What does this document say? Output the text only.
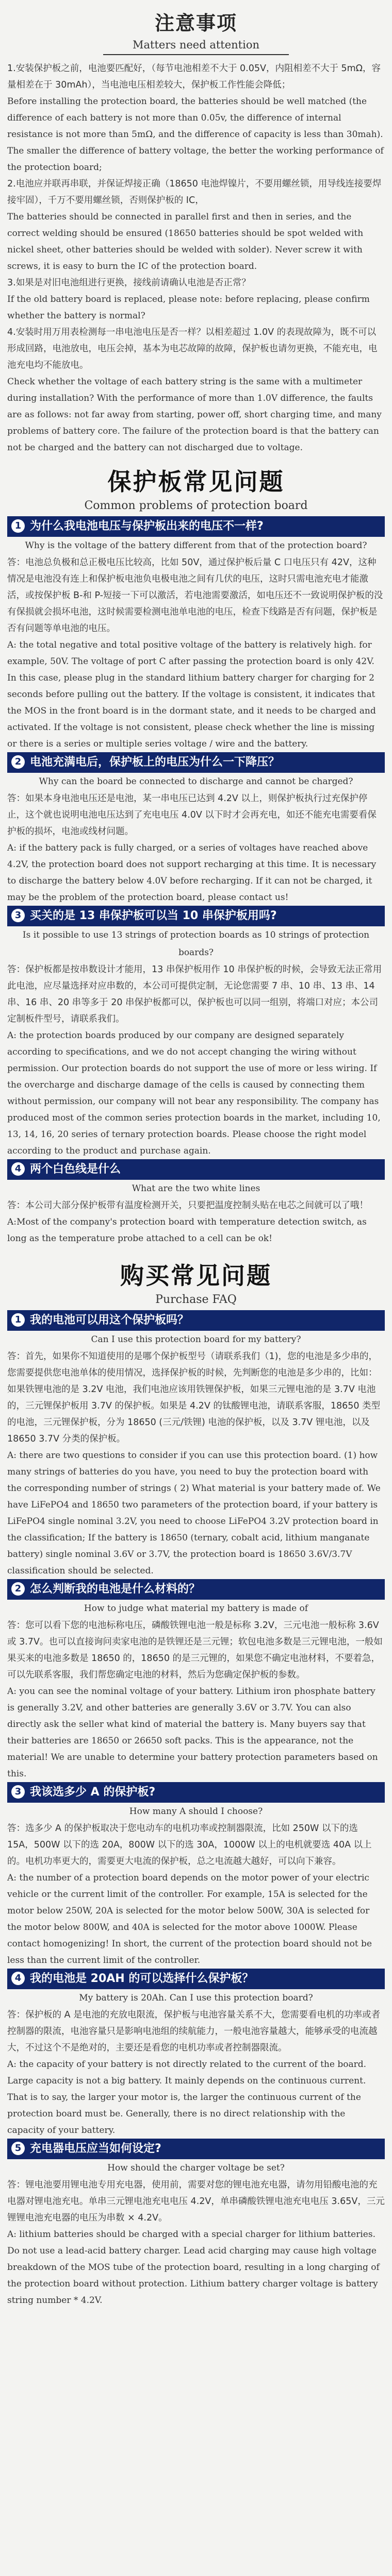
注意事项
Matters need attention

1.安装保护板之前，电池要匹配好，（每节电池相差不大于 0.05V，内阻相差不大于 5mΩ，容量相差在于 30mAh），当电池电压相差较大，保护板工作性能会降低；

Before installing the protection board, the batteries should be well matched (the difference of each battery is not more than 0.05v, the difference of internal resistance is not more than 5mΩ, and the difference of capacity is less than 30mah). The smaller the difference of battery voltage, the better the working performance of the protection board;

2.电池应并联再串联，并保证焊接正确（18650 电池焊镍片，不要用螺丝锁，用导线连接要焊接牢固），千万不要用螺丝锁，否则保护板的 IC，

The batteries should be connected in parallel first and then in series, and the correct welding should be ensured (18650 batteries should be spot welded with nickel sheet, other batteries should be welded with solder). Never screw it with screws, it is easy to burn the IC of the protection board.

3.如果是对旧电池组进行更换，接线前请确认电池是否正常？

If the old battery board is replaced, please note: before replacing, please confirm whether the battery is normal?

4.安装时用万用表检测每一串电池电压是否一样？以相差超过 1.0V 的表现故障为，既不可以形成回路，电池放电，电压会掉，基本为电芯故障的故障，保护板也请勿更换，不能充电，电池充电均不能放电。

Check whether the voltage of each battery string is the same with a multimeter during installation? With the performance of more than 1.0V difference, the faults are as follows: not far away from starting, power off, short charging time, and many problems of battery core. The failure of the protection board is that the battery can not be charged and the battery can not discharged due to voltage.

保护板常见问题
Common problems of protection board
1 为什么我电池电压与保护板出来的电压不一样?

Why is the voltage of the battery different from that of the protection board?

答：电池总负极和总正极电压比较高，比如 50V，通过保护板后量 C 口电压只有 42V，这种情况是电池没有连上和保护板电池负电极电池之间有几伏的电压，这时只需电池充电才能激活，或按保护板 B-和 P-短接一下可以激活，若电池需要激活，如电压还不一致说明保护板的没有保损就会损坏电池，这时候需要检测电池单电池的电压，检查下线路是否有问题，保护板是否有问题等单电池的电压。

A: the total negative and total positive voltage of the battery is relatively high. for example, 50V. The voltage of port C after passing the protection board is only 42V. In this case, please plug in the standard lithium battery charger for charging for 2 seconds before pulling out the battery. If the voltage is consistent, it indicates that the MOS in the front board is in the dormant state, and it needs to be charged and activated. If the voltage is not consistent, please check whether the line is missing or there is a series or multiple series voltage / wire and the battery.

2 电池充满电后，保护板上的电压为什么一下降压？

Why can the board be connected to discharge and cannot be charged?

答：如果本身电池电压还是电池，某一串电压已达到 4.2V 以上，则保护板执行过充保护停止，这个就也说明电池电压达到了充电电压 4.0V 以下时才会再充电，如还不能充电需要看保护板的损坏，电池或线材问题。

A: if the battery pack is fully charged, or a series of voltages have reached above 4.2V, the protection board does not support recharging at this time. It is necessary to discharge the battery below 4.0V before recharging. If it can not be charged, it may be the problem of the protection board, please contact us!

3 买关的是 13 串保护板可以当 10 串保护板用吗?

Is it possible to use 13 strings of protection boards as 10 strings of protection boards?

答：保护板都是按串数设计才能用，13 串保护板用作 10 串保护板的时候，会导致无法正常用此电池，应尽量选择对应串数的，本公司可提供定制，无论您需要 7 串、10 串、13 串、14 串、16 串、20 串等多于 20 串保护板都可以，保护板也可以同一组别，将端口对应；本公司定制板件型号，请联系我们。

A: the protection boards produced by our company are designed separately according to specifications, and we do not accept changing the wiring without permission. Our protection boards do not support the use of more or less wiring. If the overcharge and discharge damage of the cells is caused by connecting them without permission, our company will not bear any responsibility. The company has produced most of the common series protection boards in the market, including 10, 13, 14, 16, 20 series of ternary protection boards. Please choose the right model according to the product and purchase again.

4 两个白色线是什么

What are the two white lines

答：本公司大部分保护板带有温度检测开关，只要把温度控制头贴在电芯之间就可以了哦！

A:Most of the company's protection board with temperature detection switch, as long as the temperature probe attached to a cell can be ok!

购买常见问题
Purchase FAQ
1 我的电池可以用这个保护板吗？

Can I use this protection board for my battery?

答：首先，如果你不知道使用的是哪个保护板型号（请联系我们（1)，您的电池是多少串的，您需要提供您电池单体的使用情况，选择保护板的时候，先判断您的电池是多少串的，比如：如果铁锂电池的是 3.2V 电池，我们电池应该用铁锂保护板，如果三元锂电池的是 3.7V 电池的，三元锂保护板用 3.7V 的保护板。如果是 4.2V 的钛酸锂电池，请联系客服，18650 类型的电池，三元锂保护板，分为 18650 (三元/铁锂) 电池的保护板，以及 3.7V 锂电池，以及 18650 3.7V 分类的保护板。

A: there are two questions to consider if you can use this protection board. (1) how many strings of batteries do you have, you need to buy the protection board with the corresponding number of strings ( 2) What material is your battery made of. We have LiFePO4 and 18650 two parameters of the protection board, if your battery is LiFePO4 single nominal 3.2V, you need to choose LiFePO4 3.2V protection board in the classification; If the battery is 18650 (ternary, cobalt acid, lithium manganate battery) single nominal 3.6V or 3.7V, the protection board is 18650 3.6V/3.7V classification should be selected.

2 怎么判断我的电池是什么材料的？

How to judge what material my battery is made of

答：您可以看下您的电池标称电压，磷酸铁锂电池一般是标称 3.2V，三元电池一般标称 3.6V 或 3.7V。也可以直接询问卖家电池的是铁锂还是三元锂；软包电池多数是三元锂电池，一般如果买来的电池多数是 18650 的，18650 的是三元锂的，如果您不确定电池材料，不要着急，可以先联系客服，我们帮您确定电池的材料，然后为您确定保护板的参数。

A: you can see the nominal voltage of your battery. Lithium iron phosphate battery is generally 3.2V, and other batteries are generally 3.6V or 3.7V. You can also directly ask the seller what kind of material the battery is. Many buyers say that their batteries are 18650 or 26650 soft packs. This is the appearance, not the material! We are unable to determine your battery protection parameters based on this.

3 我该选多少 A 的保护板?

How many A should I choose?

答：选多少 A 的保护板取决于您电动车的电机功率或控制器限流，比如 250W 以下的选 15A，500W 以下的选 20A，800W 以下的选 30A，1000W 以上的电机就要选 40A 以上的。电机功率更大的，需要更大电流的保护板，总之电流越大越好，可以向下兼容。

A: the number of a protection board depends on the motor power of your electric vehicle or the current limit of the controller. For example, 15A is selected for the motor below 250W, 20A is selected for the motor below 500W, 30A is selected for the motor below 800W, and 40A is selected for the motor above 1000W. Please contact homogenizing! In short, the current of the protection board should not be less than the current limit of the controller.

4 我的电池是 20AH 的可以选择什么保护板？

My battery is 20Ah. Can I use this protection board?

答：保护板的 A 是电池的充放电限流，保护板与电池容量关系不大，您需要看电机的功率或者控制器的限流，电池容量只是影响电池组的续航能力，一般电池容量越大，能够承受的电流越大，不过这个不是绝对的，主要还是看您的电机功率或者控制器限流。

A: the capacity of your battery is not directly related to the current of the board. Large capacity is not a big battery. It mainly depends on the continuous current. That is to say, the larger your motor is, the larger the continuous current of the protection board must be. Generally, there is no direct relationship with the capacity of your battery.

5 充电器电压应当如何设定?

How should the charger voltage be set?

答：锂电池要用锂电池专用充电器，使用前，需要对您的锂电池充电器，请勿用铅酸电池的充电器对锂电池充电。单串三元锂电池充电电压 4.2V，单串磷酸铁锂电池充电电压 3.65V，三元锂锂电池充电器的电压为串数 × 4.2V。

A: lithium batteries should be charged with a special charger for lithium batteries. Do not use a lead-acid battery charger. Lead acid charging may cause high voltage breakdown of the MOS tube of the protection board, resulting in a long charging of the protection board without protection. Lithium battery charger voltage is battery string number * 4.2V.
